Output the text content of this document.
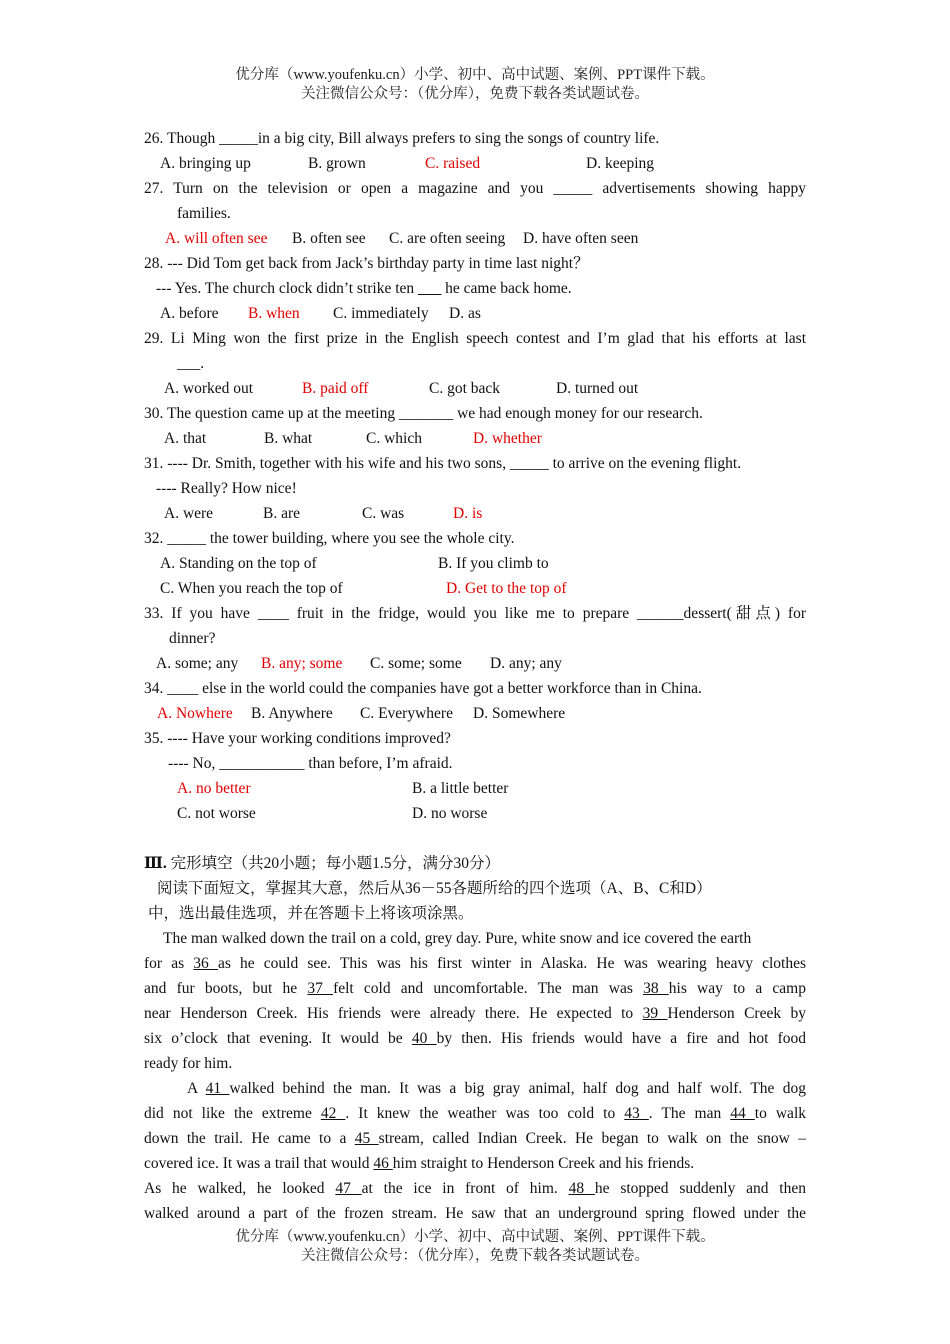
优分库（www.youfenku.cn）小学、初中、高中试题、案例、PPT课件下载。
关注微信公众号：（优分库），免费下载各类试题试卷。
26. Though _____in a big city, Bill always prefers to sing the songs of country life.
A. bringing up	B. grown	C. raised	D. keeping
27. Turn on the television or open a magazine and you _____ advertisements showing happy
families.
A. will often see B. often see C. are often seeing D. have often seen
28. --- Did Tom get back from Jack’s birthday party in time last night？
--- Yes. The church clock didn’t strike ten ___ he came back home.
A. before B. when C. immediately D. as
29. Li Ming won the first prize in the English speech contest and I’m glad that his efforts at last
___.
A. worked out	B. paid off	C. got back	D. turned out
30. The question came up at the meeting _______ we had enough money for our research.
A. that	B. what	C. which	D. whether
31. ---- Dr. Smith, together with his wife and his two sons, _____ to arrive on the evening flight.
---- Really? How nice!
A. were	B. are	C. was	D. is
32. _____ the tower building, where you see the whole city.
A. Standing on the top of	B. If you climb to
C. When you reach the top of	D. Get to the top of
33. If you have ____ fruit in the fridge, would you like me to prepare ______dessert(甜点) for
dinner?
A. some; any B. any; some C. some; some D. any; any
34. ____ else in the world could the companies have got a better workforce than in China.
A. Nowhere B. Anywhere C. Everywhere D. Somewhere
35. ---- Have your working conditions improved?
---- No, ___________ than before, I’m afraid.
A. no better	B. a little better
C. not worse	D. no worse
Ⅲ. 完形填空（共20小题；每小题1.5分，满分30分）
阅读下面短文，掌握其大意，然后从36－55各题所给的四个选项（A、B、C和D）
中，选出最佳选项，并在答题卡上将该项涂黑。
The man walked down the trail on a cold, grey day. Pure, white snow and ice covered the earth
for as 36 as he could see. This was his first winter in Alaska. He was wearing heavy clothes
and fur boots, but he 37 felt cold and uncomfortable. The man was 38 his way to a camp
near Henderson Creek. His friends were already there. He expected to 39 Henderson Creek by
six o’clock that evening. It would be 40 by then. His friends would have a fire and hot food
ready for him.
A 41 walked behind the man. It was a big gray animal, half dog and half wolf. The dog
did not like the extreme 42 . It knew the weather was too cold to 43 . The man 44 to walk
down the trail. He came to a 45 stream, called Indian Creek. He began to walk on the snow –
covered ice. It was a trail that would 46 him straight to Henderson Creek and his friends.
As he walked, he looked 47 at the ice in front of him. 48 he stopped suddenly and then
walked around a part of the frozen stream. He saw that an underground spring flowed under the
优分库（www.youfenku.cn）小学、初中、高中试题、案例、PPT课件下载。
关注微信公众号：（优分库），免费下载各类试题试卷。
